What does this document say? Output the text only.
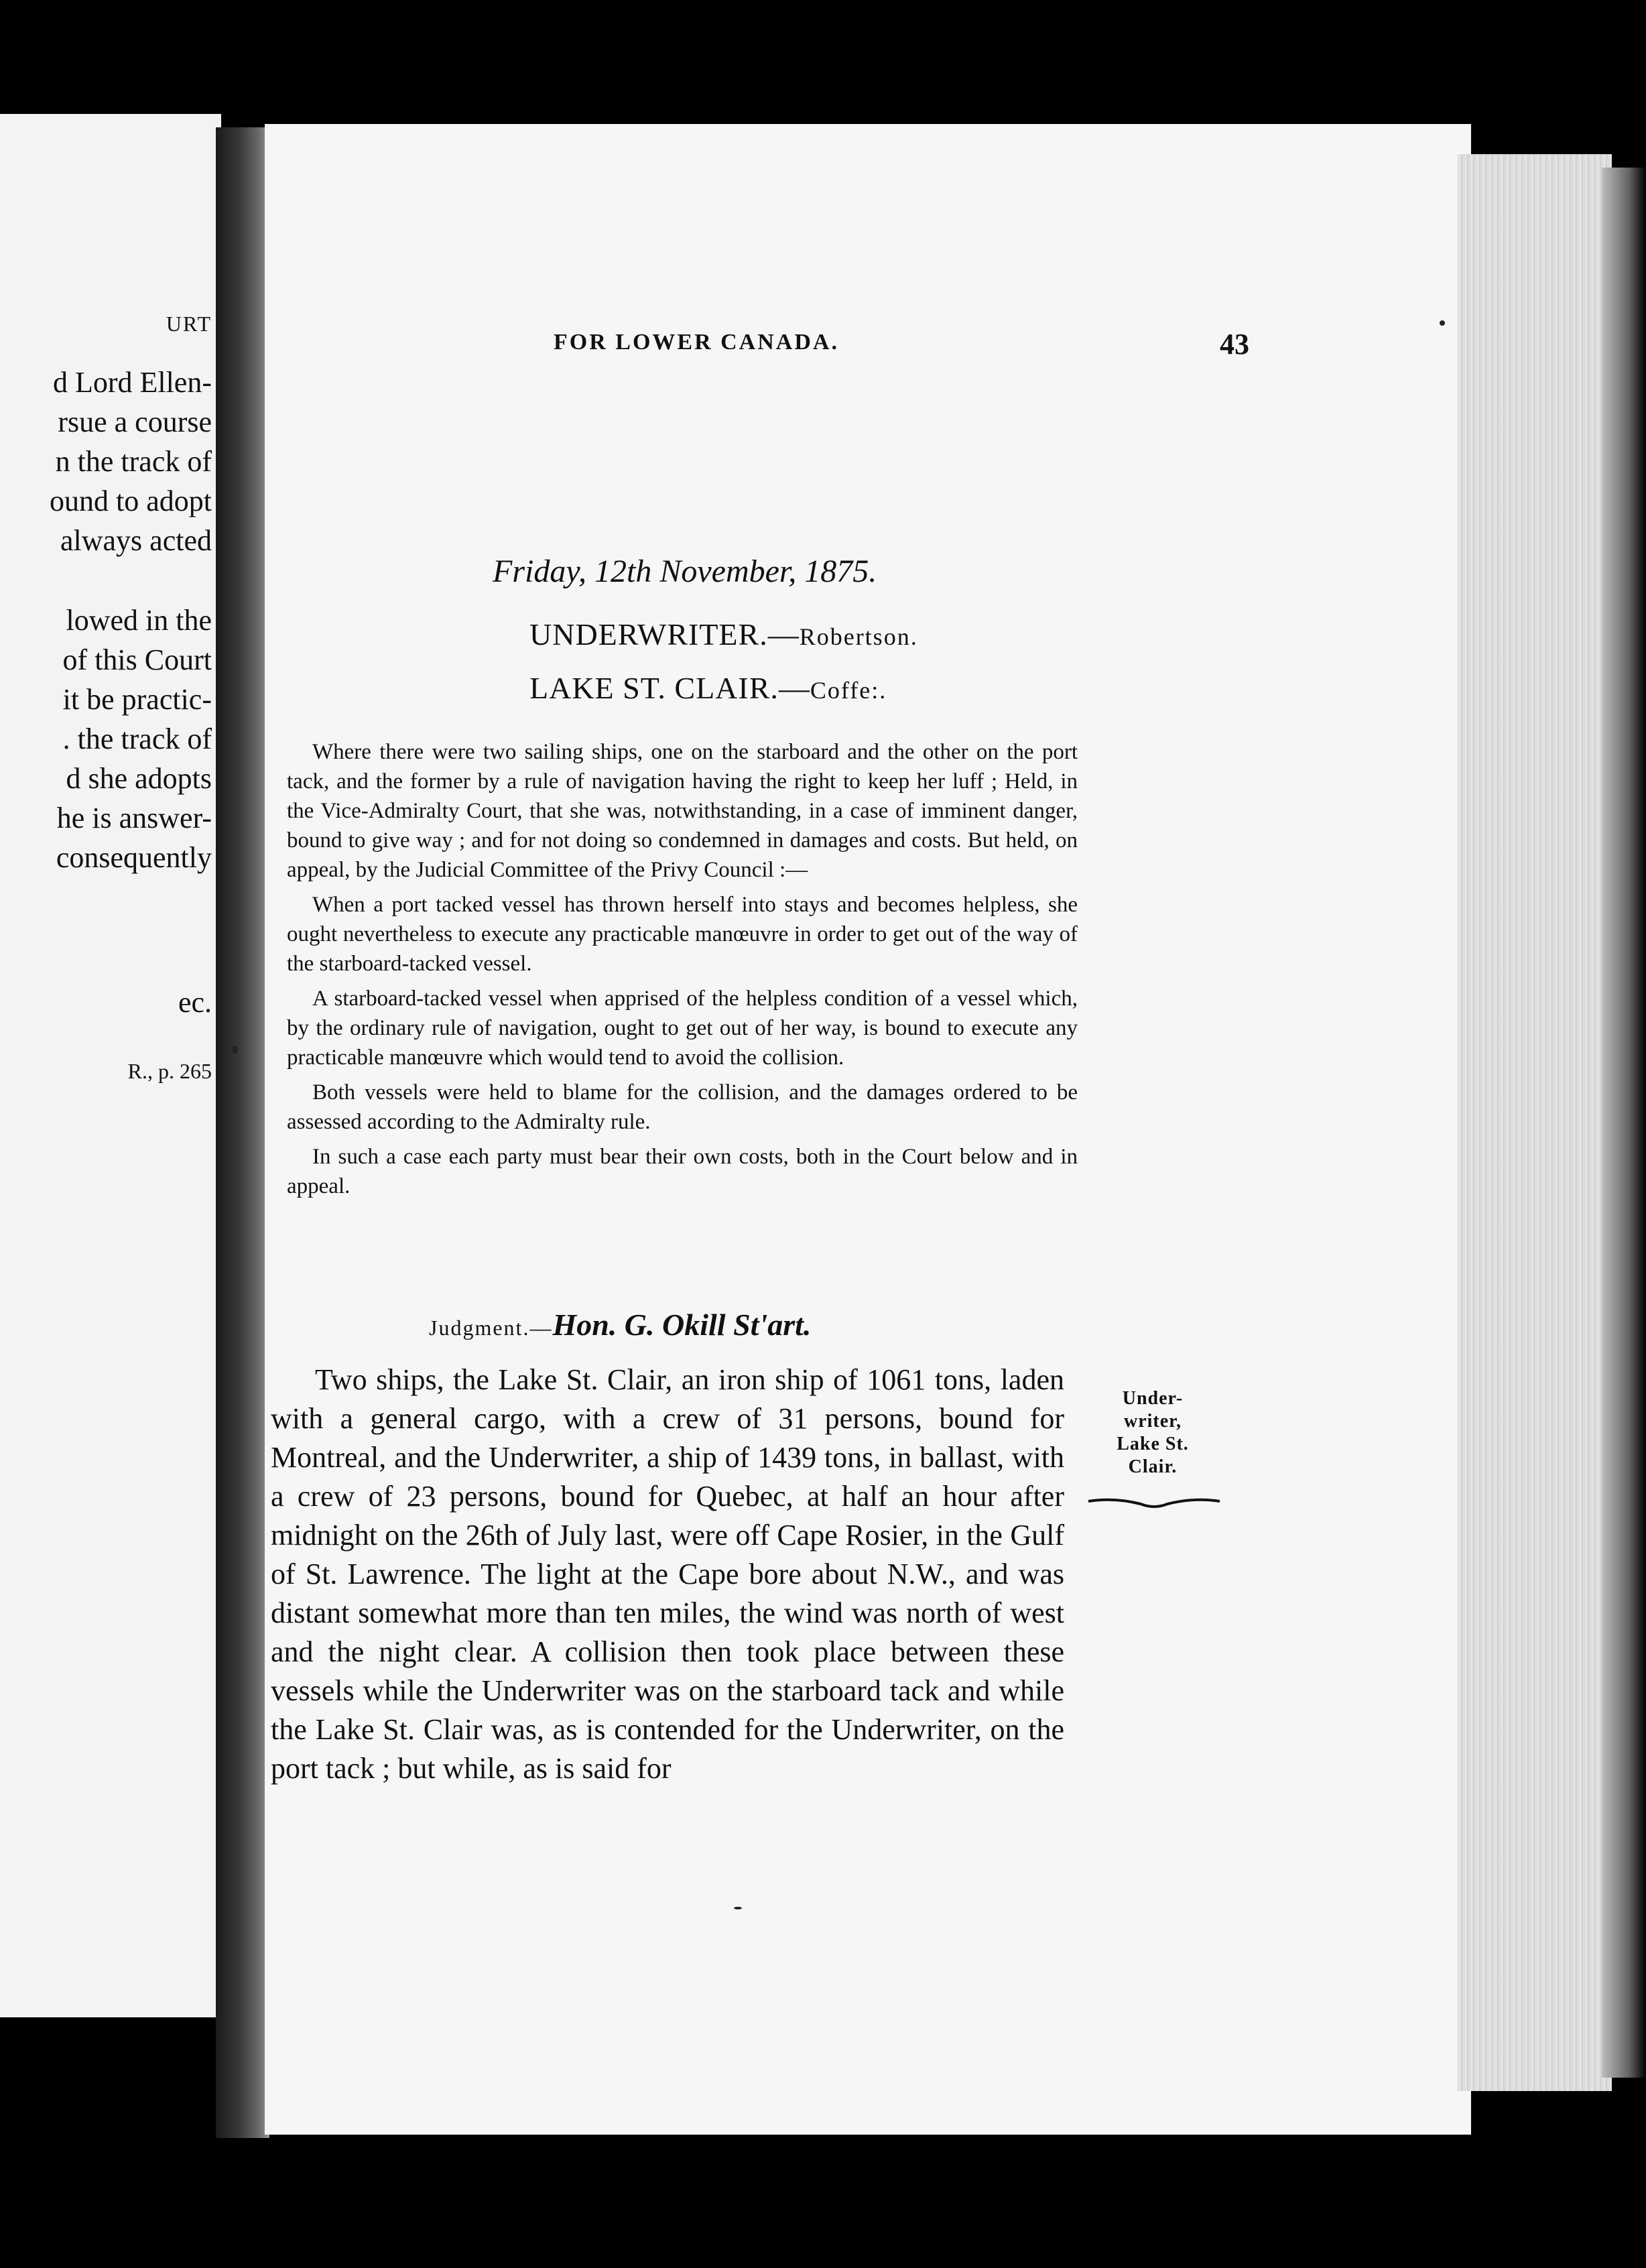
URT
d Lord Ellen-
rsue a course
n the track of
ound to adopt
always acted
lowed in the
of this Court
it be practic-
. the track of
d she adopts
he is answer-
consequently
ec.
R., p. 265
FOR LOWER CANADA.	43
Friday, 12th November, 1875.
UNDERWRITER.—Robertson.
LAKE ST. CLAIR.—Coffe:.

Where there were two sailing ships, one on the starboard and the other on the port tack, and the former by a rule of navigation having the right to keep her luff ; Held, in the Vice-Admiralty Court, that she was, notwithstanding, in a case of imminent danger, bound to give way ; and for not doing so condemned in damages and costs. But held, on appeal, by the Judicial Committee of the Privy Council :—

When a port tacked vessel has thrown herself into stays and becomes helpless, she ought nevertheless to execute any practicable manœuvre in order to get out of the way of the starboard-tacked vessel.

A starboard-tacked vessel when apprised of the helpless condition of a vessel which, by the ordinary rule of navigation, ought to get out of her way, is bound to execute any practicable manœuvre which would tend to avoid the collision.

Both vessels were held to blame for the collision, and the damages ordered to be assessed according to the Admiralty rule.

In such a case each party must bear their own costs, both in the Court below and in appeal.

Judgment.—Hon. G. Okill St'art.

Two ships, the Lake St. Clair, an iron ship of 1061 tons, laden with a general cargo, with a crew of 31 persons, bound for Montreal, and the Underwriter, a ship of 1439 tons, in ballast, with a crew of 23 persons, bound for Quebec, at half an hour after midnight on the 26th of July last, were off Cape Rosier, in the Gulf of St. Lawrence. The light at the Cape bore about N.W., and was distant somewhat more than ten miles, the wind was north of west and the night clear. A collision then took place between these vessels while the Underwriter was on the starboard tack and while the Lake St. Clair was, as is contended for the Underwriter, on the port tack ; but while, as is said for

Under-
writer,
Lake St.
Clair.
